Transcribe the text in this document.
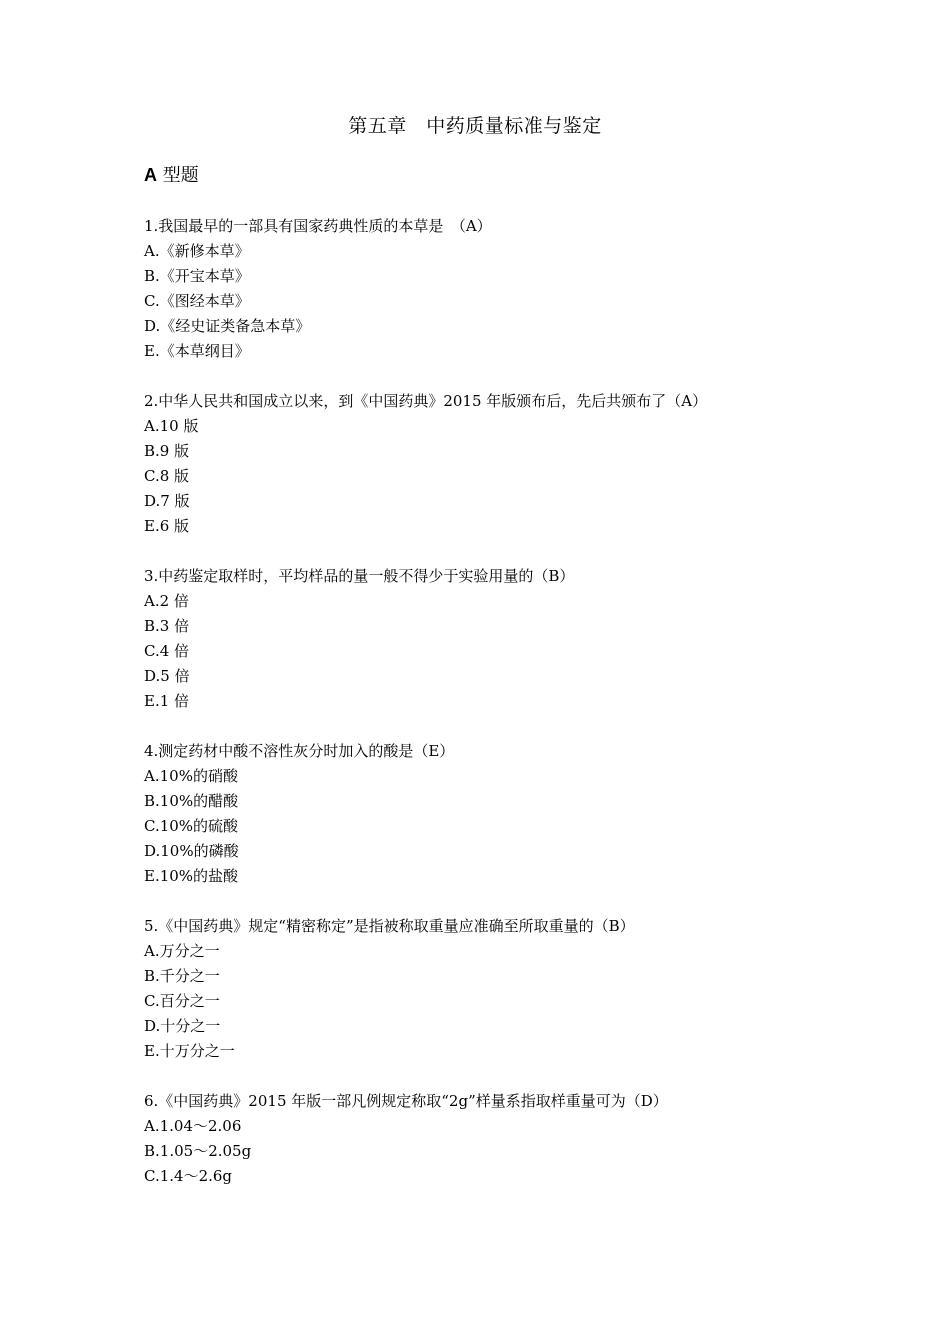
第五章　中药质量标准与鉴定
A 型题
1.我国最早的一部具有国家药典性质的本草是　（A）
A.《新修本草》
B.《开宝本草》
C.《图经本草》
D.《经史证类备急本草》
E.《本草纲目》
2.中华人民共和国成立以来，到《中国药典》2015 年版颁布后，先后共颁布了（A）
A.10 版
B.9 版
C.8 版
D.7 版
E.6 版
3.中药鉴定取样时，平均样品的量一般不得少于实验用量的（B）
A.2 倍
B.3 倍
C.4 倍
D.5 倍
E.1 倍
4.测定药材中酸不溶性灰分时加入的酸是（E）
A.10%的硝酸
B.10%的醋酸
C.10%的硫酸
D.10%的磷酸
E.10%的盐酸
5.《中国药典》规定“精密称定”是指被称取重量应准确至所取重量的（B）
A.万分之一
B.千分之一
C.百分之一
D.十分之一
E.十万分之一
6.《中国药典》2015 年版一部凡例规定称取“2g”样量系指取样重量可为（D）
A.1.04～2.06
B.1.05～2.05g
C.1.4～2.6g
